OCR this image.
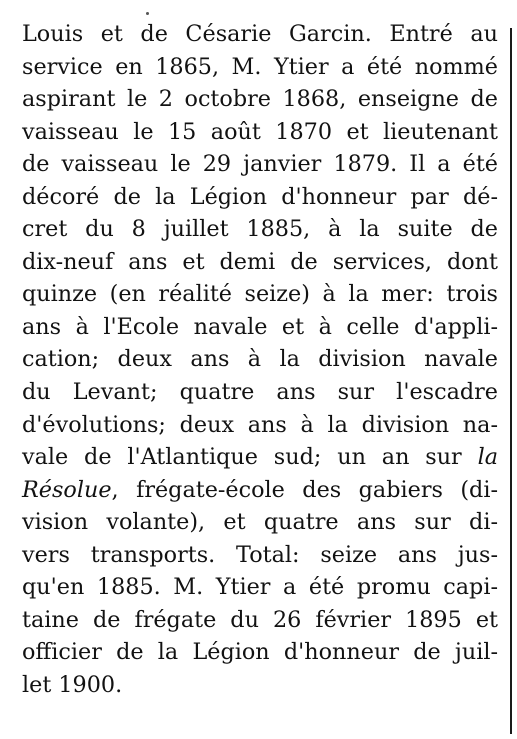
Louis et de Césarie Garcin. Entré au
service en 1865, M. Ytier a été nommé
aspirant le 2 octobre 1868, enseigne de
vaisseau le 15 août 1870 et lieutenant
de vaisseau le 29 janvier 1879. Il a été
décoré de la Légion d'honneur par dé-
cret du 8 juillet 1885, à la suite de
dix-neuf ans et demi de services, dont
quinze (en réalité seize) à la mer: trois
ans à l'Ecole navale et à celle d'appli-
cation; deux ans à la division navale
du Levant; quatre ans sur l'escadre
d'évolutions; deux ans à la division na-
vale de l'Atlantique sud; un an sur la
Résolue, frégate-école des gabiers (di-
vision volante), et quatre ans sur di-
vers transports. Total: seize ans jus-
qu'en 1885. M. Ytier a été promu capi-
taine de frégate du 26 février 1895 et
officier de la Légion d'honneur de juil-
let 1900.
